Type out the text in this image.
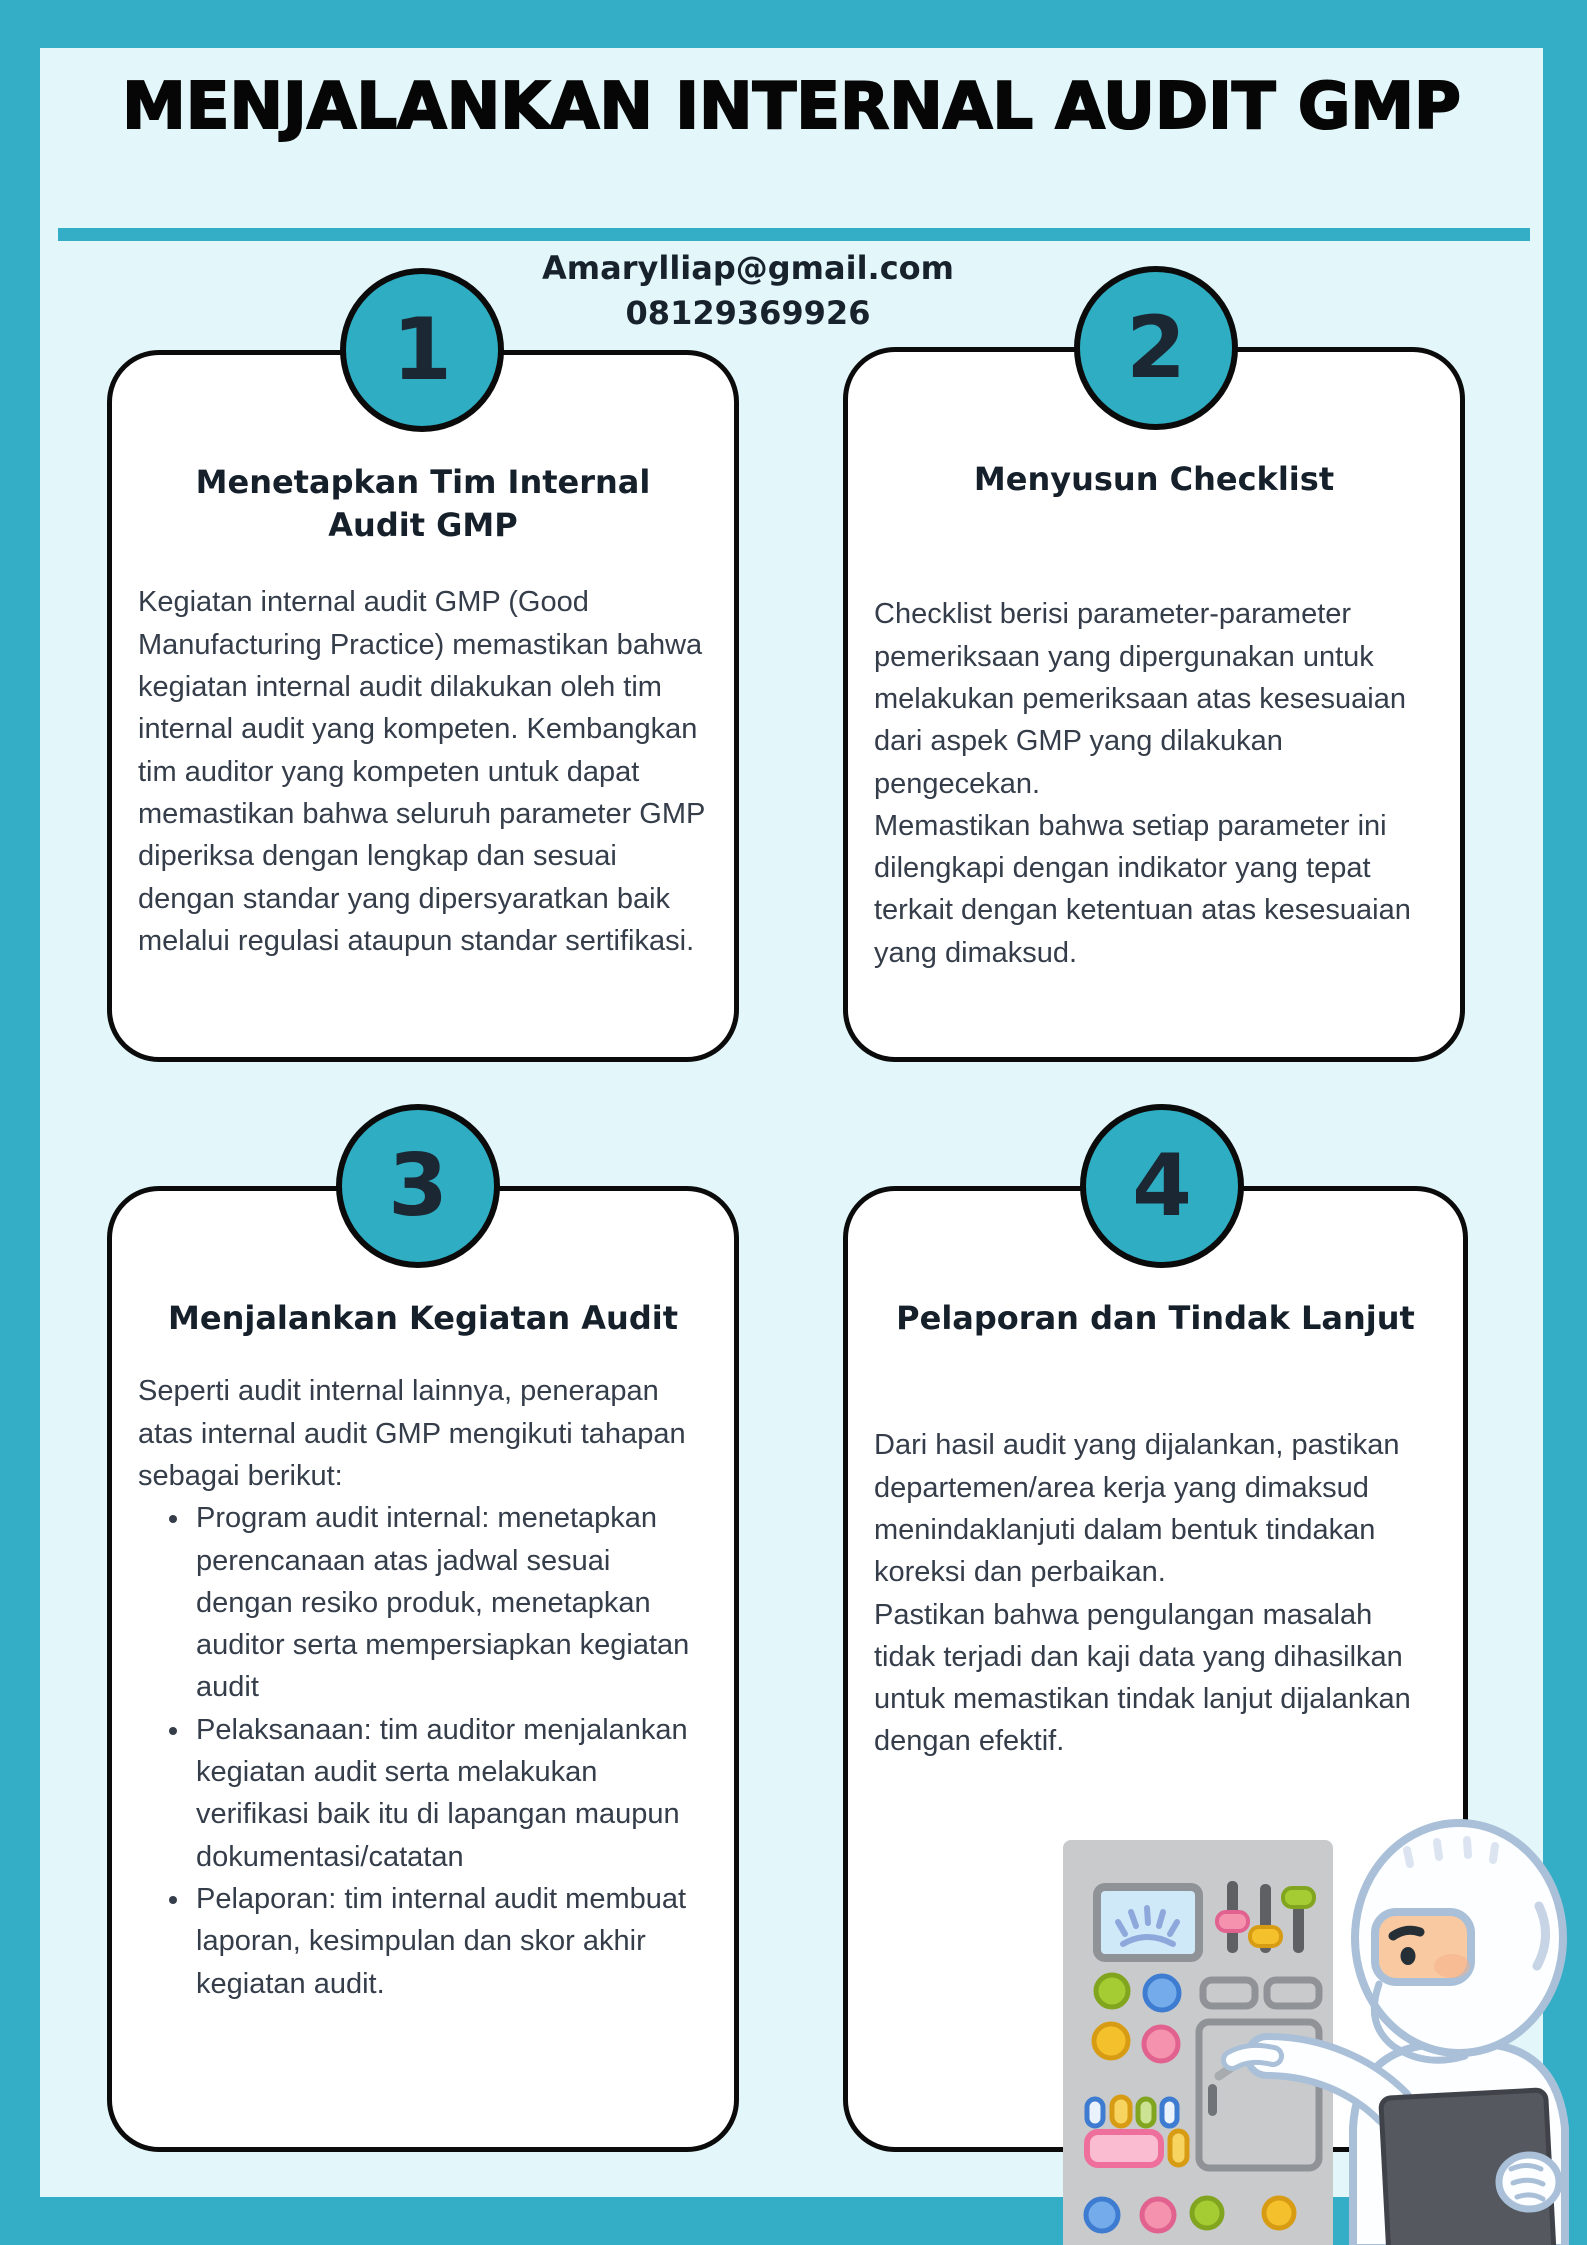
MENJALANKAN INTERNAL AUDIT GMP
Amarylliap@gmail.com
08129369926
Menetapkan Tim Internal Audit GMP

Kegiatan internal audit GMP (Good Manufacturing Practice) memastikan bahwa kegiatan internal audit dilakukan oleh tim internal audit yang kompeten. Kembangkan tim auditor yang kompeten untuk dapat memastikan bahwa seluruh parameter GMP diperiksa dengan lengkap dan sesuai dengan standar yang dipersyaratkan baik melalui regulasi ataupun standar sertifikasi.

1
Menyusun Checklist

Checklist berisi parameter-parameter pemeriksaan yang dipergunakan untuk melakukan pemeriksaan atas kesesuaian dari aspek GMP yang dilakukan pengecekan.

Memastikan bahwa setiap parameter ini dilengkapi dengan indikator yang tepat terkait dengan ketentuan atas kesesuaian yang dimaksud.

2
Menjalankan Kegiatan Audit

Seperti audit internal lainnya, penerapan atas internal audit GMP mengikuti tahapan sebagai berikut:

• Program audit internal: menetapkan perencanaan atas jadwal sesuai dengan resiko produk, menetapkan auditor serta mempersiapkan kegiatan audit
• Pelaksanaan: tim auditor menjalankan kegiatan audit serta melakukan verifikasi baik itu di lapangan maupun dokumentasi/catatan
• Pelaporan: tim internal audit membuat laporan, kesimpulan dan skor akhir kegiatan audit.
3
Pelaporan dan Tindak Lanjut

Dari hasil audit yang dijalankan, pastikan departemen/area kerja yang dimaksud menindaklanjuti dalam bentuk tindakan koreksi dan perbaikan.

Pastikan bahwa pengulangan masalah tidak terjadi dan kaji data yang dihasilkan untuk memastikan tindak lanjut dijalankan dengan efektif.

4
